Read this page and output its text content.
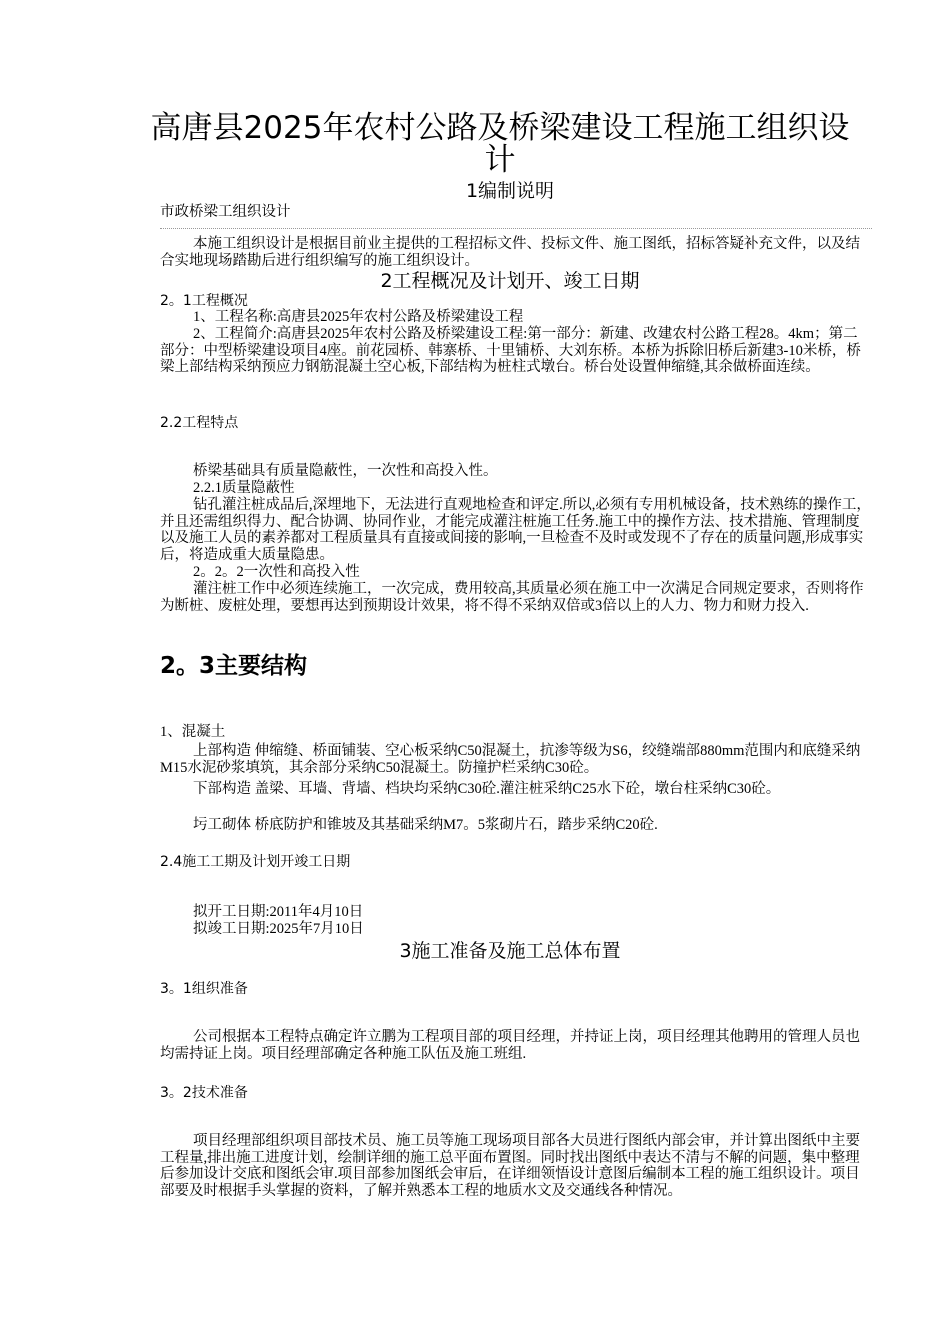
高唐县2025年农村公路及桥梁建设工程施工组织设计
1编制说明
市政桥梁工组织设计
本施工组织设计是根据目前业主提供的工程招标文件、投标文件、施工图纸，招标答疑补充文件，以及结合实地现场踏勘后进行组织编写的施工组织设计。
2工程概况及计划开、竣工日期
2。1工程概况
1、工程名称:高唐县2025年农村公路及桥梁建设工程
2、工程简介:高唐县2025年农村公路及桥梁建设工程:第一部分：新建、改建农村公路工程28。4km；第二部分：中型桥梁建设项目4座。前花园桥、韩寨桥、十里铺桥、大刘东桥。本桥为拆除旧桥后新建3-10米桥，桥梁上部结构采纳预应力钢筋混凝土空心板,下部结构为桩柱式墩台。桥台处设置伸缩缝,其余做桥面连续。
2.2工程特点
桥梁基础具有质量隐蔽性，一次性和高投入性。
2.2.1质量隐蔽性
钻孔灌注桩成品后,深埋地下，无法进行直观地检查和评定.所以,必须有专用机械设备，技术熟练的操作工，并且还需组织得力、配合协调、协同作业，才能完成灌注桩施工任务.施工中的操作方法、技术措施、管理制度以及施工人员的素养都对工程质量具有直接或间接的影响,一旦检查不及时或发现不了存在的质量问题,形成事实后，将造成重大质量隐患。
2。2。2一次性和高投入性
灌注桩工作中必须连续施工，一次完成，费用较高,其质量必须在施工中一次满足合同规定要求，否则将作为断桩、废桩处理，要想再达到预期设计效果，将不得不采纳双倍或3倍以上的人力、物力和财力投入.
2。3主要结构
1、混凝土
上部构造 伸缩缝、桥面铺装、空心板采纳C50混凝土，抗渗等级为S6，绞缝端部880mm范围内和底缝采纳M15水泥砂浆填筑，其余部分采纳C50混凝土。防撞护栏采纳C30砼。
下部构造 盖梁、耳墙、背墙、档块均采纳C30砼.灌注桩采纳C25水下砼，墩台柱采纳C30砼。
圬工砌体 桥底防护和锥坡及其基础采纳M7。5浆砌片石，踏步采纳C20砼.
2.4施工工期及计划开竣工日期
拟开工日期:2011年4月10日
拟竣工日期:2025年7月10日
3施工准备及施工总体布置
3。1组织准备
公司根据本工程特点确定许立鹏为工程项目部的项目经理，并持证上岗，项目经理其他聘用的管理人员也均需持证上岗。项目经理部确定各种施工队伍及施工班组.
3。2技术准备
项目经理部组织项目部技术员、施工员等施工现场项目部各大员进行图纸内部会审，并计算出图纸中主要工程量,排出施工进度计划，绘制详细的施工总平面布置图。同时找出图纸中表达不清与不解的问题，集中整理后参加设计交底和图纸会审.项目部参加图纸会审后，在详细领悟设计意图后编制本工程的施工组织设计。项目部要及时根据手头掌握的资料，了解并熟悉本工程的地质水文及交通线各种情况。
